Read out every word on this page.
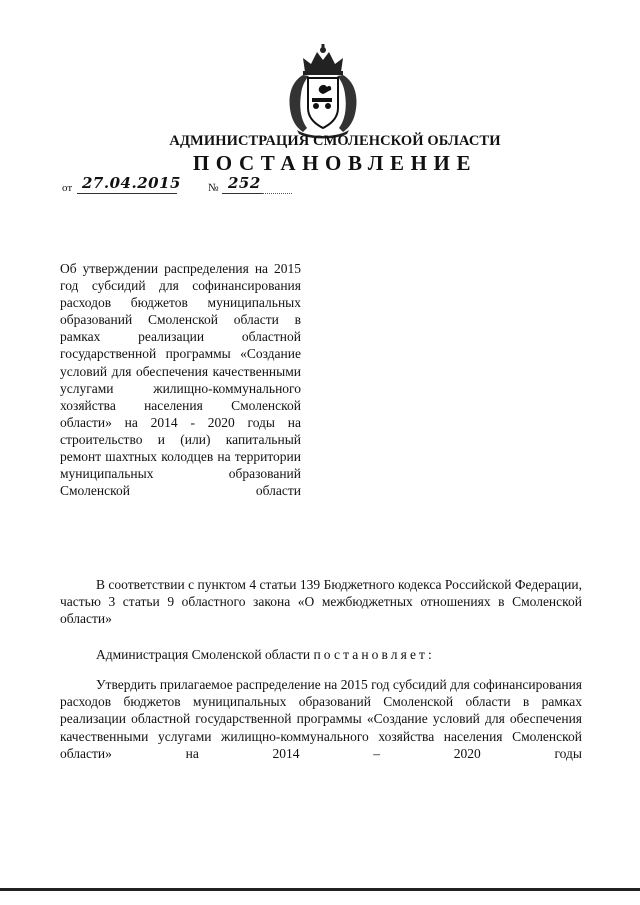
АДМИНИСТРАЦИЯ СМОЛЕНСКОЙ ОБЛАСТИ
ПОСТАНОВЛЕНИЕ
от 27.04.2015 № 252
Об утверждении распределения на 2015 год субсидий для софинансирования расходов бюджетов муниципальных образований Смоленской области в рамках реализации областной государственной программы «Создание условий для обеспечения качественными услугами жилищно-коммунального хозяйства населения Смоленской области» на 2014 - 2020 годы на строительство и (или) капитальный ремонт шахтных колодцев на территории муниципальных образований Смоленской области
В соответствии с пунктом 4 статьи 139 Бюджетного кодекса Российской Федерации, частью 3 статьи 9 областного закона «О межбюджетных отношениях в Смоленской области»
Администрация Смоленской области постановляет:
Утвердить прилагаемое распределение на 2015 год субсидий для софинансирования расходов бюджетов муниципальных образований Смоленской области в рамках реализации областной государственной программы «Создание условий для обеспечения качественными услугами жилищно-коммунального хозяйства населения Смоленской области» на 2014 – 2020 годы
